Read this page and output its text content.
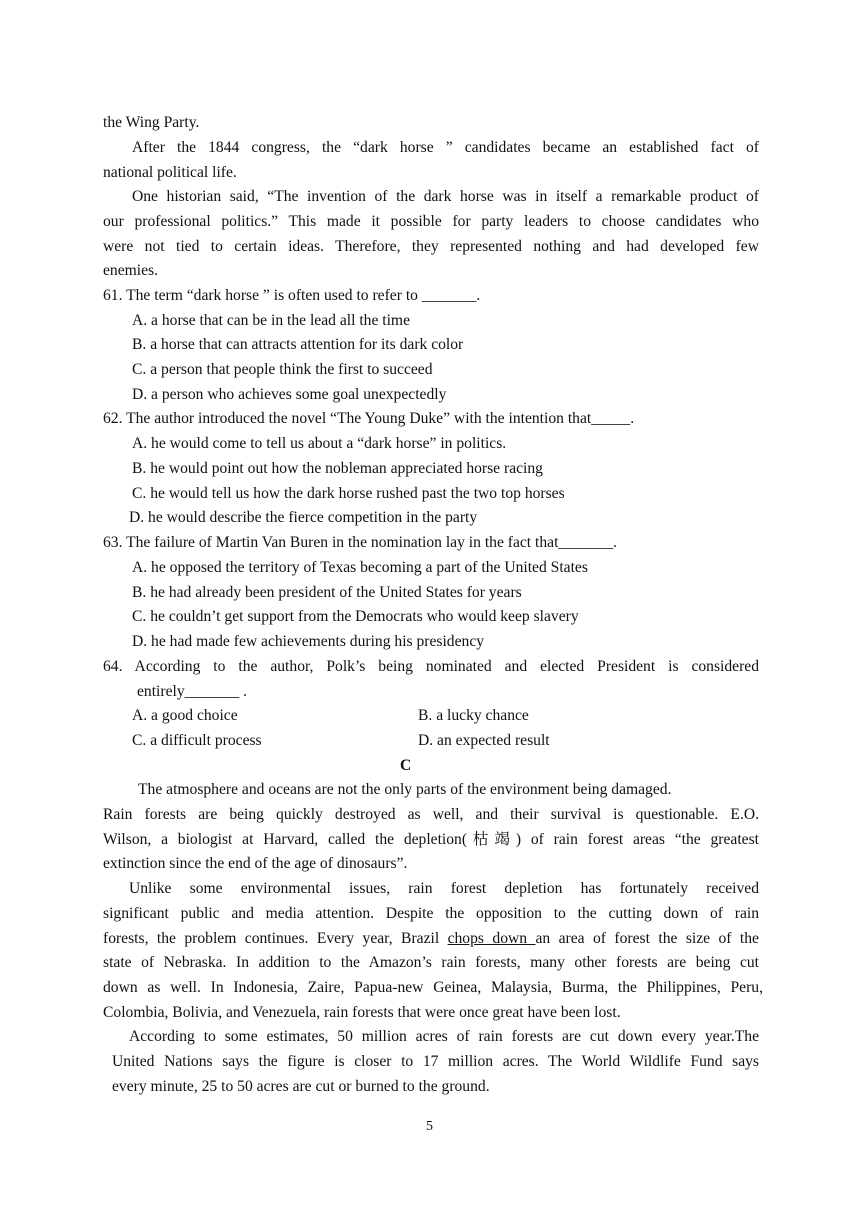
the Wing Party.
After the 1844 congress, the “dark horse ” candidates became an established fact of
national political life.
One historian said, “The invention of the dark horse was in itself a remarkable product of
our professional politics.” This made it possible for party leaders to choose candidates who
were not tied to certain ideas. Therefore, they represented nothing and had developed few
enemies.
61. The term “dark horse ” is often used to refer to _______.
A. a horse that can be in the lead all the time
B. a horse that can attracts attention for its dark color
C. a person that people think the first to succeed
D. a person who achieves some goal unexpectedly
62. The author introduced the novel “The Young Duke” with the intention that_____.
A. he would come to tell us about a “dark horse” in politics.
B. he would point out how the nobleman appreciated horse racing
C. he would tell us how the dark horse rushed past the two top horses
D. he would describe the fierce competition in the party
63. The failure of Martin Van Buren in the nomination lay in the fact that_______.
A. he opposed the territory of Texas becoming a part of the United States
B. he had already been president of the United States for years
C. he couldn’t get support from the Democrats who would keep slavery
D. he had made few achievements during his presidency
64. According to the author, Polk’s being nominated and elected President is considered
entirely_______ .
A. a good choice	B. a lucky chance
C. a difficult process	D. an expected result
C
The atmosphere and oceans are not the only parts of the environment being damaged.
Rain forests are being quickly destroyed as well, and their survival is questionable. E.O.
Wilson, a biologist at Harvard, called the depletion(枯竭) of rain forest areas “the greatest
extinction since the end of the age of dinosaurs”.
Unlike some environmental issues, rain forest depletion has fortunately received
significant public and media attention. Despite the opposition to the cutting down of rain
forests, the problem continues. Every year, Brazil chops down an area of forest the size of the
state of Nebraska. In addition to the Amazon’s rain forests, many other forests are being cut
down as well. In Indonesia, Zaire, Papua-new Geinea, Malaysia, Burma, the Philippines, Peru,
Colombia, Bolivia, and Venezuela, rain forests that were once great have been lost.
According to some estimates, 50 million acres of rain forests are cut down every year.The
United Nations says the figure is closer to 17 million acres. The World Wildlife Fund says
every minute, 25 to 50 acres are cut or burned to the ground.
5
